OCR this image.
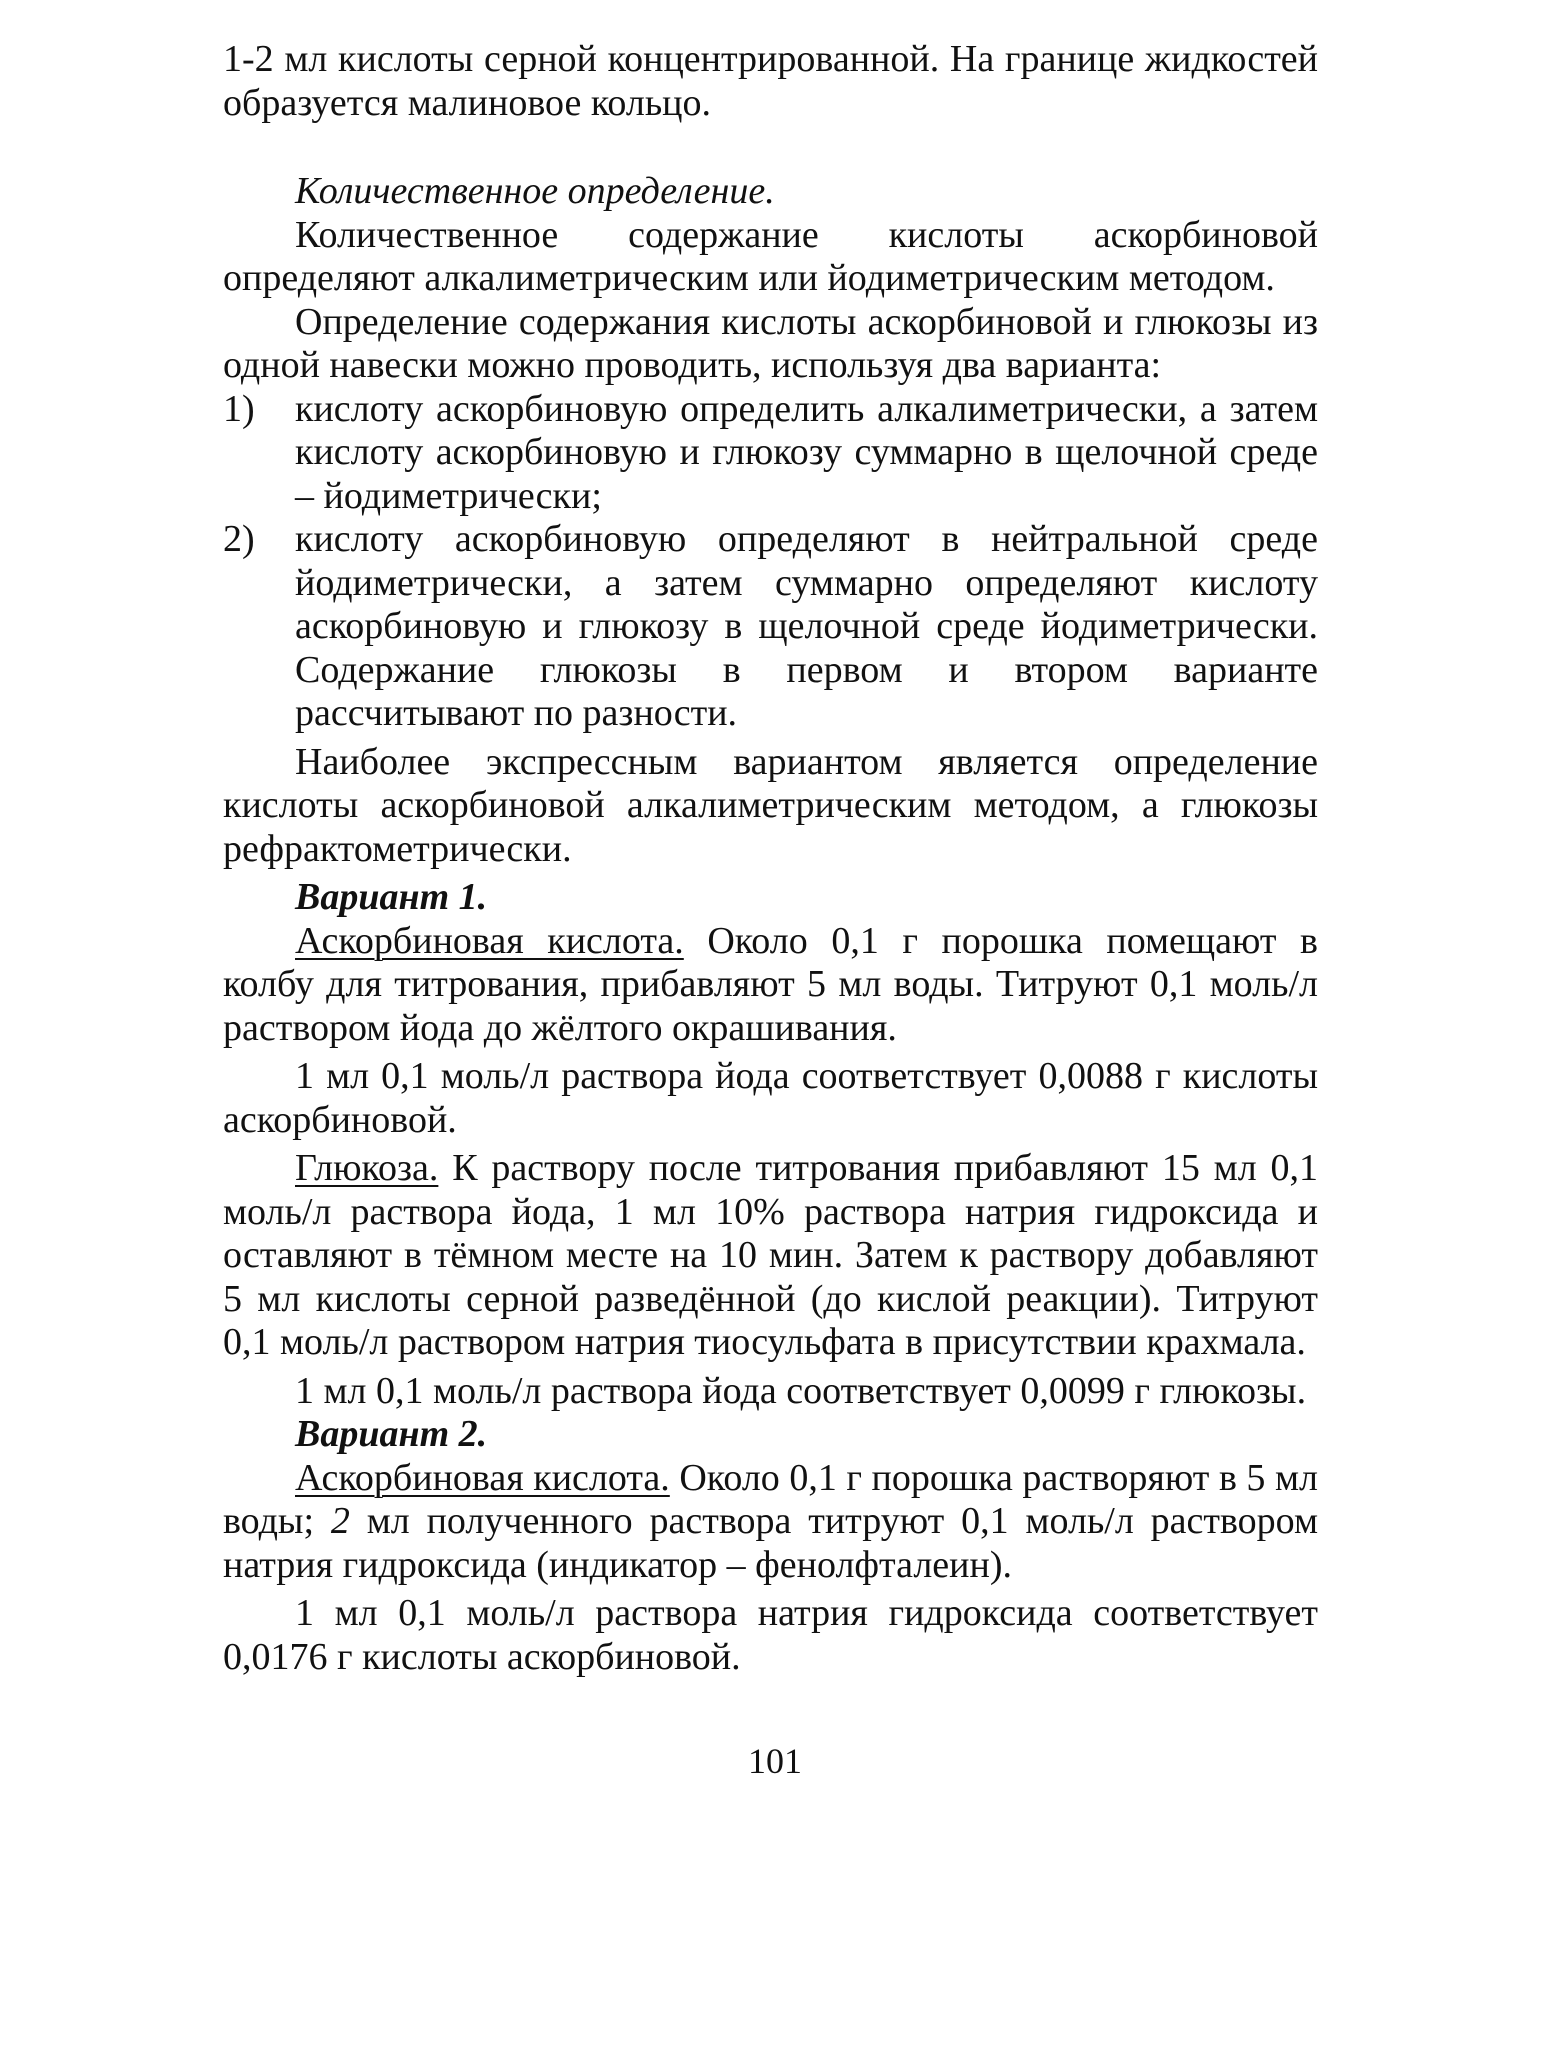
1-2 мл кислоты серной концентрированной. На границе жидкостей образуется малиновое кольцо.

Количественное определение.

Количественное содержание кислоты аскорбиновой определяют алкалиметрическим или йодиметрическим методом.

Определение содержания кислоты аскорбиновой и глюкозы из одной навески можно проводить, используя два варианта:

1)	кислоту аскорбиновую определить алкалиметрически, а затем кислоту аскорбиновую и глюкозу суммарно в щелочной среде – йодиметрически;
2)	кислоту аскорбиновую определяют в нейтральной среде йодиметрически, а затем суммарно определяют кислоту аскорбиновую и глюкозу в щелочной среде йодиметрически. Содержание глюкозы в первом и втором варианте рассчитывают по разности.

Наиболее экспрессным вариантом является определение кислоты аскорбиновой алкалиметрическим методом, а глюкозы рефрактометрически.

Вариант 1.

Аскорбиновая кислота. Около 0,1 г порошка помещают в колбу для титрования, прибавляют 5 мл воды. Титруют 0,1 моль/л раствором йода до жёлтого окрашивания.

1 мл 0,1 моль/л раствора йода соответствует 0,0088 г кислоты аскорбиновой.

Глюкоза. К раствору после титрования прибавляют 15 мл 0,1 моль/л раствора йода, 1 мл 10% раствора натрия гидроксида и оставляют в тёмном месте на 10 мин. Затем к раствору добавляют 5 мл кислоты серной разведённой (до кислой реакции). Титруют 0,1 моль/л раствором натрия тиосульфата в присутствии крахмала.

1 мл 0,1 моль/л раствора йода соответствует 0,0099 г глюкозы.

Вариант 2.

Аскорбиновая кислота. Около 0,1 г порошка растворяют в 5 мл воды; 2 мл полученного раствора титруют 0,1 моль/л раствором натрия гидроксида (индикатор – фенолфталеин).

1 мл 0,1 моль/л раствора натрия гидроксида соответствует 0,0176 г кислоты аскорбиновой.

101
